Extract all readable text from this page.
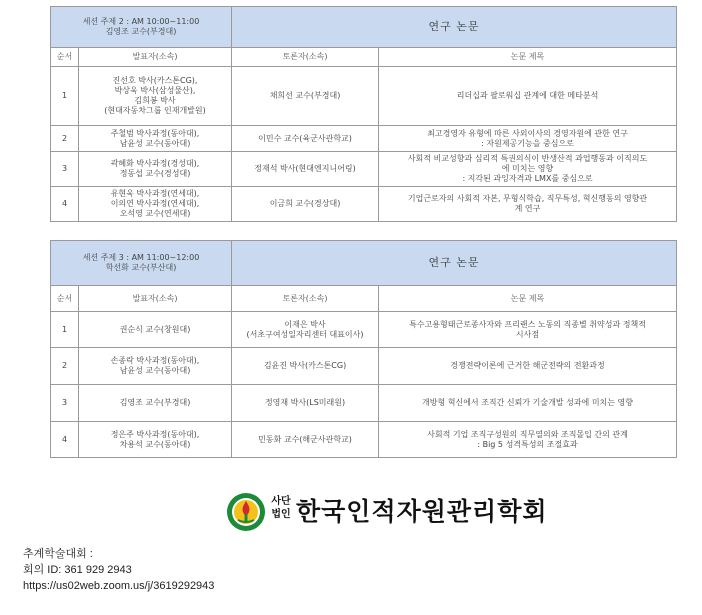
세션 주제 2 : AM 10:00~11:00
김영조 교수(부경대)		연구 논문	
순서	발표자(소속)	토론자(소속)	논문 제목
1	진선호 박사(카스톤CG),
박상욱 박사(삼성물산),
김희봉 박사
(현대자동차그룹 인재개발원)	채희선 교수(부경대)	리더십과 팔로워십 관계에 대한 메타분석

2	주철범 박사과정(동아대),
남윤성 교수(동아대)	이민수 교수(육군사관학교)	최고경영자 유형에 따른 사외이사의 경영자원에 관한 연구
: 자원제공기능을 중심으로

3	곽혜화 박사과정(경성대),
정동섭 교수(경성대)	정재석 박사(현대엔지니어링)	사회적 비교성향과 심리적 특권의식이 반생산적 과업행동과 이직의도
에 미치는 영향
: 지각된 과잉자격과 LMX를 중심으로

4	유현욱 박사과정(연세대),
이의연 박사과정(연세대),
오석영 교수(연세대)	이금희 교수(경상대)	기업근로자의 사회적 자본, 무형식학습, 직무특성, 혁신행동의 영향관
계 연구
세션 주제 3 : AM 11:00~12:00
학선화 교수(부산대)		연구 논문	
순서	발표자(소속)	토론자(소속)	논문 제목
1	권순식 교수(창원대)	이재은 박사
(서초구여성일자리센터 대표이사)	특수고용형태근로종사자와 프리랜스 노동의 직종별 취약성과 정책적
시사점

2	손종락 박사과정(동아대),
남윤성 교수(동아대)	김윤진 박사(카스톤CG)	경쟁전략이론에 근거한 해군전략의 전환과정

3	김영조 교수(부경대)	정영재 박사(LS미래원)	개방형 혁신에서 조직간 신뢰가 기술개발 성과에 미치는 영향

4	정은주 박사과정(동아대),
차용석 교수(동아대)	민동화 교수(해군사관학교)	사회적 기업 조직구성원의 직무열의와 조직몰입 간의 관계
: Big 5 성격특성의 조절효과
사단
법인 한국인적자원관리학회
추계학술대회 :
회의 ID: 361 929 2943
https://us02web.zoom.us/j/3619292943
